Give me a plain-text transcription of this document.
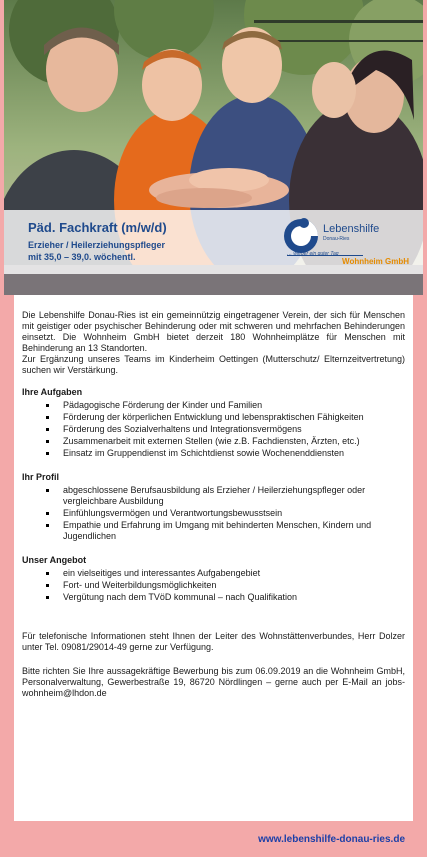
Päd. Fachkraft (m/w/d)
Erzieher / Heilerziehungspfleger
mit 35,0 – 39,0. wöchentl.
Lebenshilfe
Donau-Ries
… wieder ein guter Tag
Wohnheim GmbH

Die Lebenshilfe Donau-Ries ist ein gemeinnützig eingetragener Verein, der sich für Menschen mit geistiger oder psychischer Behinderung oder mit schweren und mehrfachen Behinderungen einsetzt. Die Wohnheim GmbH bietet derzeit 180 Wohnheimplätze für Menschen mit Behinderung an 13 Standorten.

Zur Ergänzung unseres Teams im Kinderheim Oettingen (Mutterschutz/ Elternzeitvertretung) suchen wir Verstärkung.

Ihre Aufgaben
Pädagogische Förderung der Kinder und Familien
Förderung der körperlichen Entwicklung und lebenspraktischen Fähigkeiten
Förderung des Sozialverhaltens und Integrationsvermögens
Zusammenarbeit mit externen Stellen (wie z.B. Fachdiensten, Ärzten, etc.)
Einsatz im Gruppendienst im Schichtdienst sowie Wochenenddiensten
Ihr Profil
abgeschlossene Berufsausbildung als Erzieher / Heilerziehungspfleger oder vergleichbare Ausbildung
Einfühlungsvermögen und Verantwortungsbewusstsein
Empathie und Erfahrung im Umgang mit behinderten Menschen, Kindern und Jugendlichen
Unser Angebot
ein vielseitiges und interessantes Aufgabengebiet
Fort- und Weiterbildungsmöglichkeiten
Vergütung nach dem TVöD kommunal – nach Qualifikation

Für telefonische Informationen steht Ihnen der Leiter des Wohnstättenverbundes, Herr Dolzer unter Tel. 09081/29014-49 gerne zur Verfügung.

Bitte richten Sie Ihre aussagekräftige Bewerbung bis zum 06.09.2019 an die Wohnheim GmbH, Personalverwaltung, Gewerbestraße 19, 86720 Nördlingen – gerne auch per E-Mail an jobs-wohnheim@lhdon.de

www.lebenshilfe-donau-ries.de
